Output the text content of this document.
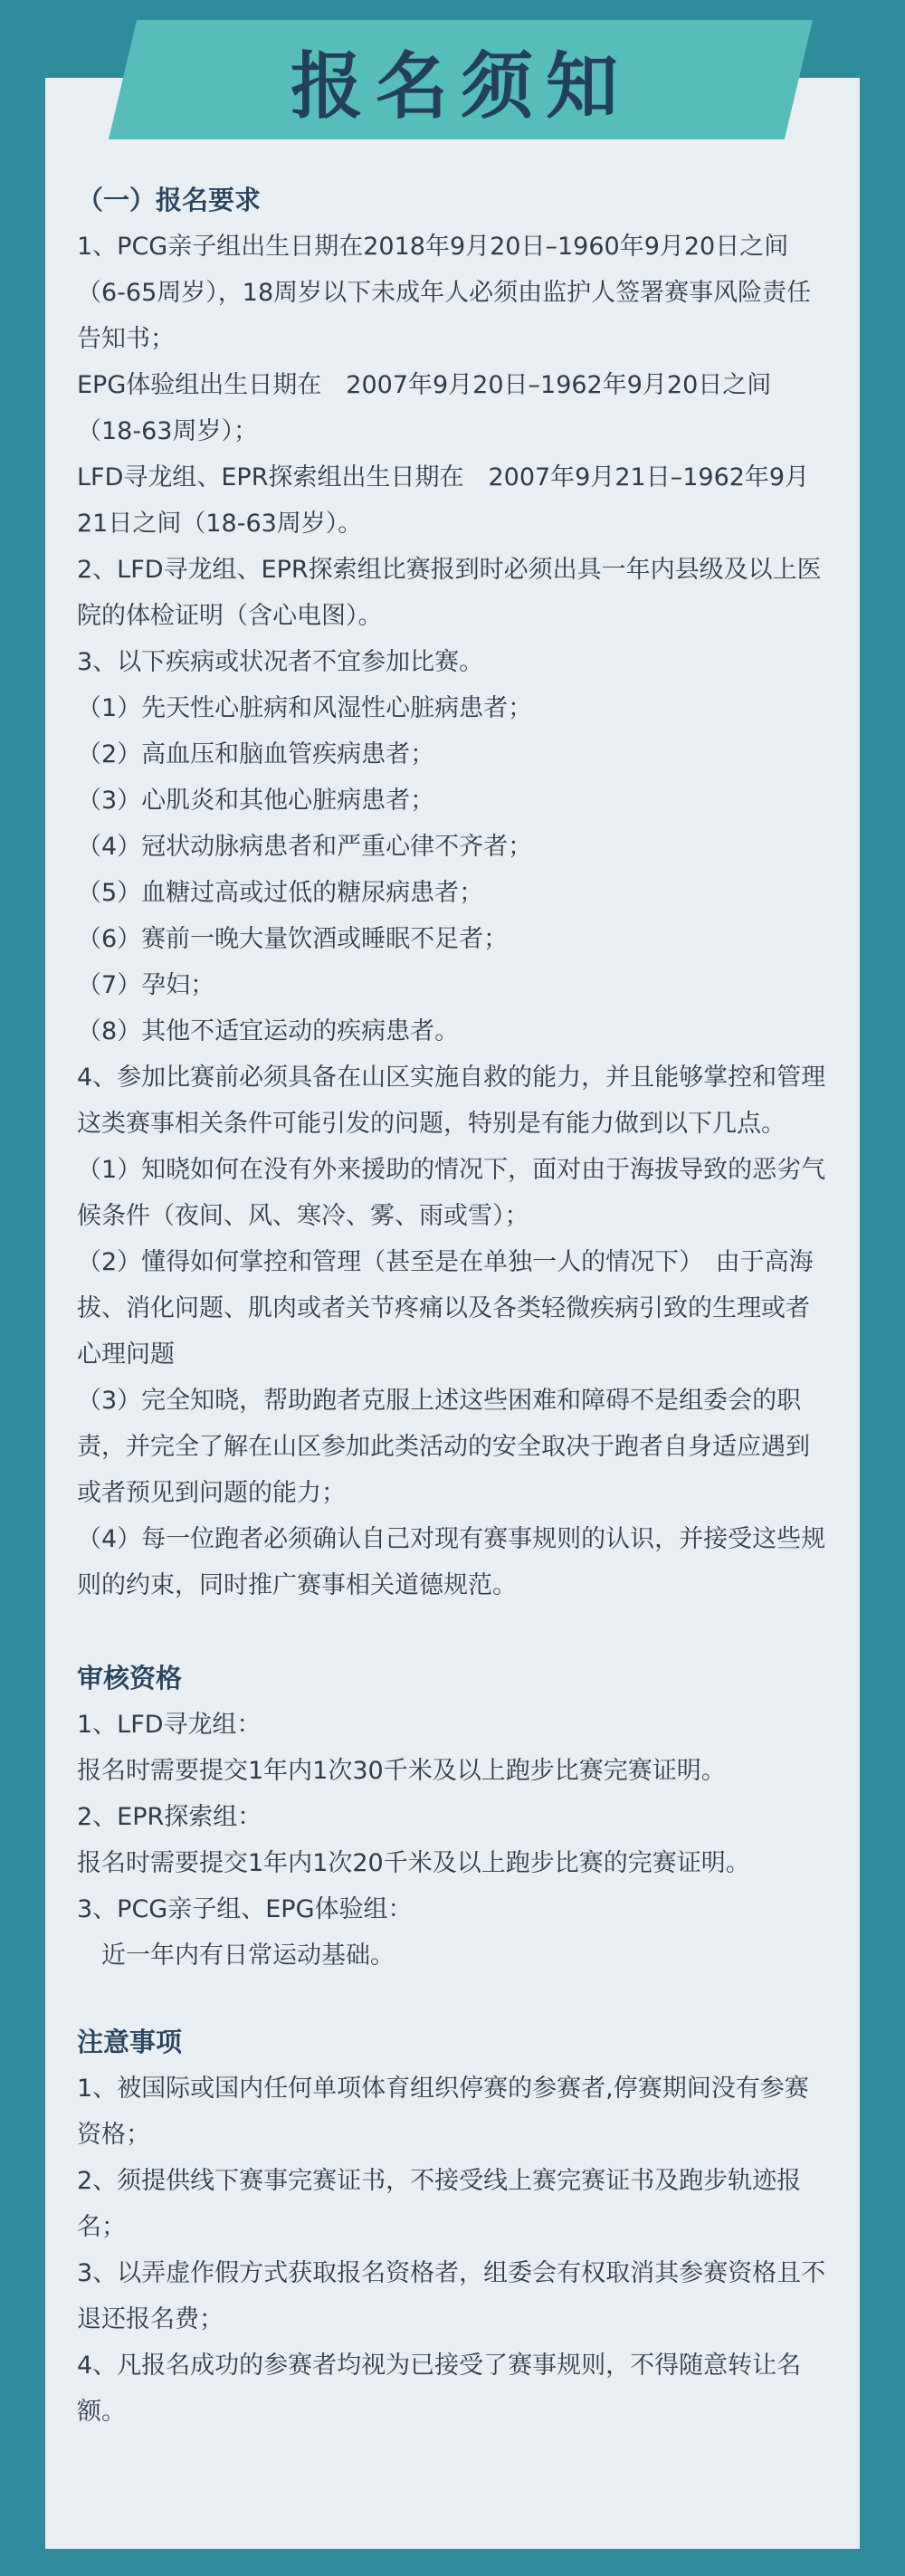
报名须知
（一）报名要求
1、PCG亲子组出生日期在2018年9月20日–1960年9月20日之间（6-65周岁），18周岁以下未成年人必须由监护人签署赛事风险责任告知书；
EPG体验组出生日期在　2007年9月20日–1962年9月20日之间（18-63周岁）；
LFD寻龙组、EPR探索组出生日期在　2007年9月21日–1962年9月21日之间（18-63周岁）。
2、LFD寻龙组、EPR探索组比赛报到时必须出具一年内县级及以上医院的体检证明（含心电图）。
3、以下疾病或状况者不宜参加比赛。
（1）先天性心脏病和风湿性心脏病患者；
（2）高血压和脑血管疾病患者；
（3）心肌炎和其他心脏病患者；
（4）冠状动脉病患者和严重心律不齐者；
（5）血糖过高或过低的糖尿病患者；
（6）赛前一晚大量饮酒或睡眠不足者；
（7）孕妇；
（8）其他不适宜运动的疾病患者。
4、参加比赛前必须具备在山区实施自救的能力，并且能够掌控和管理这类赛事相关条件可能引发的问题，特别是有能力做到以下几点。
（1）知晓如何在没有外来援助的情况下，面对由于海拔导致的恶劣气候条件（夜间、风、寒冷、雾、雨或雪）；
（2）懂得如何掌控和管理（甚至是在单独一人的情况下）　由于高海拔、消化问题、肌肉或者关节疼痛以及各类轻微疾病引致的生理或者心理问题
（3）完全知晓，帮助跑者克服上述这些困难和障碍不是组委会的职责，并完全了解在山区参加此类活动的安全取决于跑者自身适应遇到或者预见到问题的能力；
（4）每一位跑者必须确认自己对现有赛事规则的认识，并接受这些规则的约束，同时推广赛事相关道德规范。
审核资格
1、LFD寻龙组：
报名时需要提交1年内1次30千米及以上跑步比赛完赛证明。
2、EPR探索组：
报名时需要提交1年内1次20千米及以上跑步比赛的完赛证明。
3、PCG亲子组、EPG体验组：
　近一年内有日常运动基础。
注意事项
1、被国际或国内任何单项体育组织停赛的参赛者,停赛期间没有参赛资格；
2、须提供线下赛事完赛证书，不接受线上赛完赛证书及跑步轨迹报名；
3、以弄虚作假方式获取报名资格者，组委会有权取消其参赛资格且不退还报名费；
4、凡报名成功的参赛者均视为已接受了赛事规则，不得随意转让名额。
